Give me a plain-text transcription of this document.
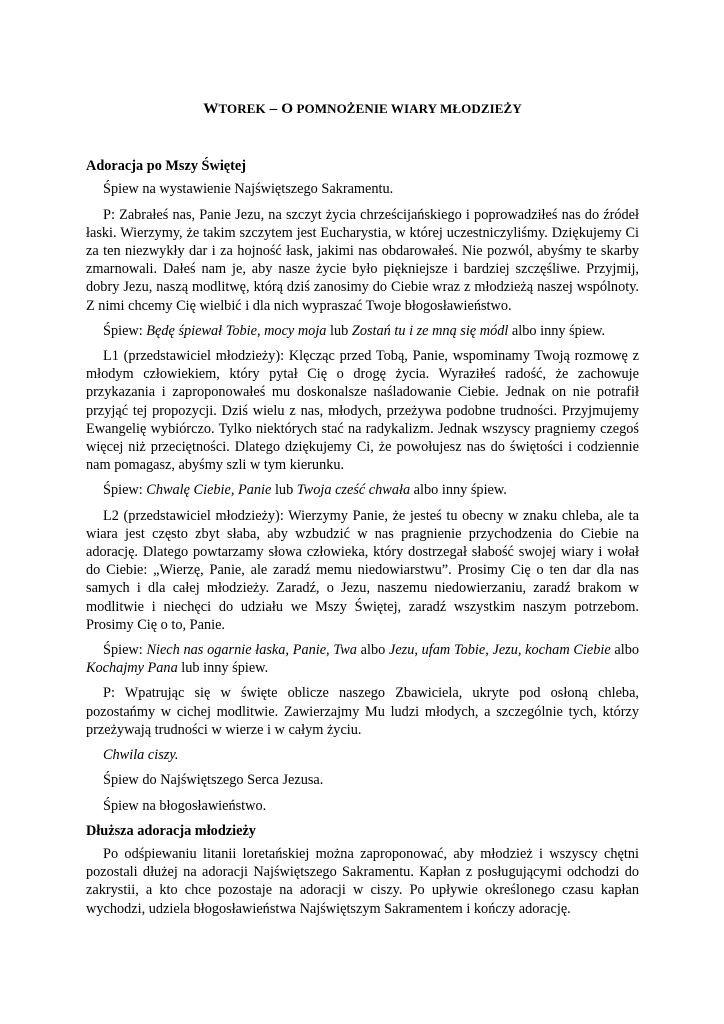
WTOREK – O POMNOŻENIE WIARY MŁODZIEŻY
Adoracja po Mszy Świętej

Śpiew na wystawienie Najświętszego Sakramentu.

P: Zabrałeś nas, Panie Jezu, na szczyt życia chrześcijańskiego i poprowadziłeś nas do źródeł łaski. Wierzymy, że takim szczytem jest Eucharystia, w której uczestniczyliśmy. Dziękujemy Ci za ten niezwykły dar i za hojność łask, jakimi nas obdarowałeś. Nie pozwól, abyśmy te skarby zmarnowali. Dałeś nam je, aby nasze życie było piękniejsze i bardziej szczęśliwe. Przyjmij, dobry Jezu, naszą modlitwę, którą dziś zanosimy do Ciebie wraz z młodzieżą naszej wspólnoty. Z nimi chcemy Cię wielbić i dla nich wypraszać Twoje błogosławieństwo.

Śpiew: Będę śpiewał Tobie, mocy moja lub Zostań tu i ze mną się módl albo inny śpiew.

L1 (przedstawiciel młodzieży): Klęcząc przed Tobą, Panie, wspominamy Twoją rozmowę z młodym człowiekiem, który pytał Cię o drogę życia. Wyraziłeś radość, że zachowuje przykazania i zaproponowałeś mu doskonalsze naśladowanie Ciebie. Jednak on nie potrafił przyjąć tej propozycji. Dziś wielu z nas, młodych, przeżywa podobne trudności. Przyjmujemy Ewangelię wybiórczo. Tylko niektórych stać na radykalizm. Jednak wszyscy pragniemy czegoś więcej niż przeciętności. Dlatego dziękujemy Ci, że powołujesz nas do świętości i codziennie nam pomagasz, abyśmy szli w tym kierunku.

Śpiew: Chwalę Ciebie, Panie lub Twoja cześć chwała albo inny śpiew.

L2 (przedstawiciel młodzieży): Wierzymy Panie, że jesteś tu obecny w znaku chleba, ale ta wiara jest często zbyt słaba, aby wzbudzić w nas pragnienie przychodzenia do Ciebie na adorację. Dlatego powtarzamy słowa człowieka, który dostrzegał słabość swojej wiary i wołał do Ciebie: „Wierzę, Panie, ale zaradź memu niedowiarstwu”. Prosimy Cię o ten dar dla nas samych i dla całej młodzieży. Zaradź, o Jezu, naszemu niedowierzaniu, zaradź brakom w modlitwie i niechęci do udziału we Mszy Świętej, zaradź wszystkim naszym potrzebom. Prosimy Cię o to, Panie.

Śpiew: Niech nas ogarnie łaska, Panie, Twa albo Jezu, ufam Tobie, Jezu, kocham Ciebie albo Kochajmy Pana lub inny śpiew.

P: Wpatrując się w święte oblicze naszego Zbawiciela, ukryte pod osłoną chleba, pozostańmy w cichej modlitwie. Zawierzajmy Mu ludzi młodych, a szczególnie tych, którzy przeżywają trudności w wierze i w całym życiu.

Chwila ciszy.

Śpiew do Najświętszego Serca Jezusa.

Śpiew na błogosławieństwo.

Dłuższa adoracja młodzieży

Po odśpiewaniu litanii loretańskiej można zaproponować, aby młodzież i wszyscy chętni pozostali dłużej na adoracji Najświętszego Sakramentu. Kapłan z posługującymi odchodzi do zakrystii, a kto chce pozostaje na adoracji w ciszy. Po upływie określonego czasu kapłan wychodzi, udziela błogosławieństwa Najświętszym Sakramentem i kończy adorację.
